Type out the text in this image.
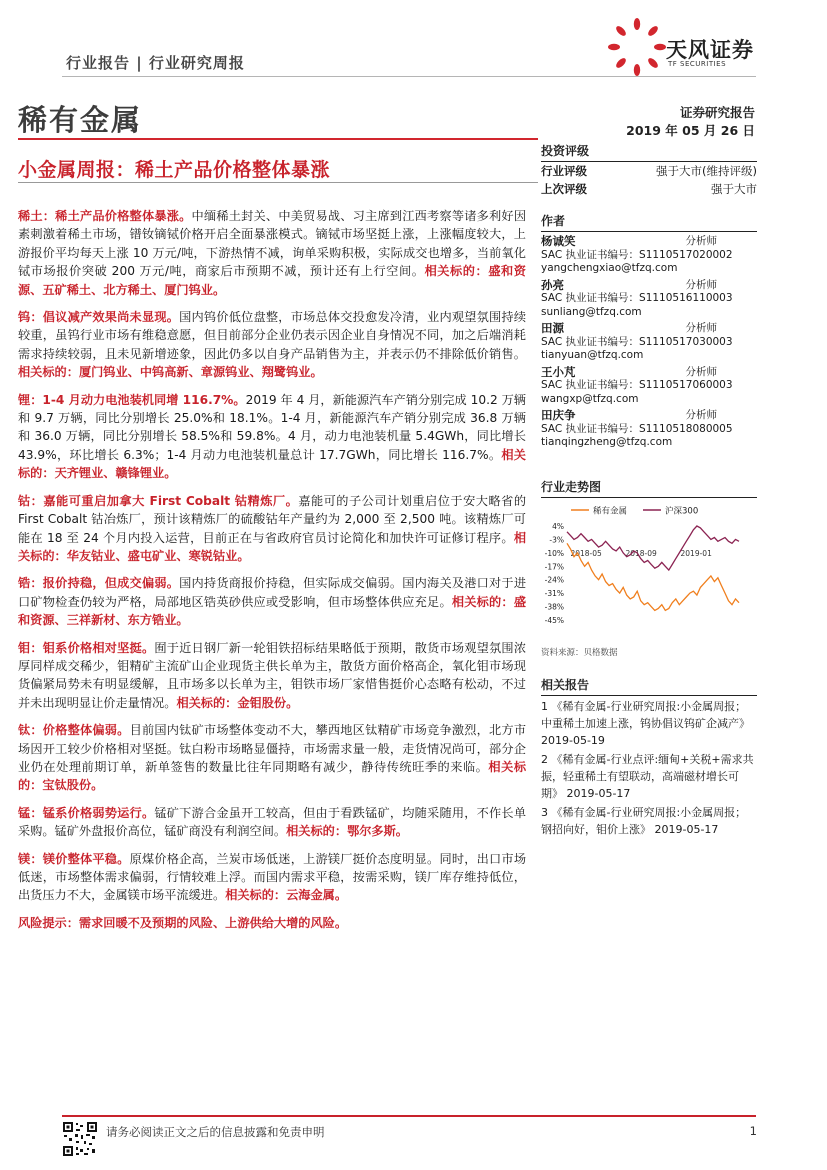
行业报告 | 行业研究周报
天风证券
TF SECURITIES
稀有金属	证券研究报告
2019 年 05 月 26 日
小金属周报：稀土产品价格整体暴涨

稀土：稀土产品价格整体暴涨。中缅稀土封关、中美贸易战、习主席到江西考察等诸多利好因素刺激着稀土市场，镨钕镝铽价格开启全面暴涨模式。镝铽市场坚挺上涨，上涨幅度较大，上游报价平均每天上涨 10 万元/吨，下游热情不减，询单采购积极，实际成交也增多，当前氧化铽市场报价突破 200 万元/吨，商家后市预期不减，预计还有上行空间。相关标的：盛和资源、五矿稀土、北方稀土、厦门钨业。

钨：倡议减产效果尚未显现。国内钨价低位盘整，市场总体交投愈发冷清，业内观望氛围持续较重，虽钨行业市场有维稳意愿，但目前部分企业仍表示因企业自身情况不同，加之后端消耗需求持续较弱，且未见新增迹象，因此仍多以自身产品销售为主，并表示仍不排除低价销售。相关标的：厦门钨业、中钨高新、章源钨业、翔鹭钨业。

锂：1-4 月动力电池装机同增 116.7%。2019 年 4 月，新能源汽车产销分别完成 10.2 万辆和 9.7 万辆，同比分别增长 25.0%和 18.1%。1-4 月，新能源汽车产销分别完成 36.8 万辆和 36.0 万辆，同比分别增长 58.5%和 59.8%。4 月，动力电池装机量 5.4GWh，同比增长 43.9%，环比增长 6.3%；1-4 月动力电池装机量总计 17.7GWh，同比增长 116.7%。相关标的：天齐锂业、赣锋锂业。

钴：嘉能可重启加拿大 First Cobalt 钴精炼厂。嘉能可的子公司计划重启位于安大略省的 First Cobalt 钴冶炼厂，预计该精炼厂的硫酸钴年产量约为 2,000 至 2,500 吨。该精炼厂可能在 18 至 24 个月内投入运营，目前正在与省政府官员讨论简化和加快许可证修订程序。相关标的：华友钴业、盛屯矿业、寒锐钴业。

锆：报价持稳，但成交偏弱。国内持货商报价持稳，但实际成交偏弱。国内海关及港口对于进口矿物检查仍较为严格，局部地区锆英砂供应或受影响，但市场整体供应充足。相关标的：盛和资源、三祥新材、东方锆业。

钼：钼系价格相对坚挺。囿于近日钢厂新一轮钼铁招标结果略低于预期，散货市场观望氛围浓厚同样成交稀少，钼精矿主流矿山企业现货主供长单为主，散货方面价格高企，氧化钼市场现货偏紧局势未有明显缓解，且市场多以长单为主，钼铁市场厂家惜售挺价心态略有松动，不过并未出现明显让价走量情况。相关标的：金钼股份。

钛：价格整体偏弱。目前国内钛矿市场整体变动不大，攀西地区钛精矿市场竞争激烈，北方市场因开工较少价格相对坚挺。钛白粉市场略显僵持，市场需求量一般，走货情况尚可，部分企业仍在处理前期订单，新单签售的数量比往年同期略有减少，静待传统旺季的来临。相关标的：宝钛股份。

锰：锰系价格弱势运行。锰矿下游合金虽开工较高，但由于看跌锰矿，均随采随用，不作长单采购。锰矿外盘报价高位，锰矿商没有利润空间。相关标的：鄂尔多斯。

镁：镁价整体平稳。原煤价格企高，兰炭市场低迷，上游镁厂挺价态度明显。同时，出口市场低迷，市场整体需求偏弱，行情较难上浮。而国内需求平稳，按需采购，镁厂库存维持低位，出货压力不大，金属镁市场平流缓进。相关标的：云海金属。

风险提示：需求回暖不及预期的风险、上游供给大增的风险。

投资评级
行业评级	强于大市(维持评级)
上次评级	强于大市
作者
杨诚笑	分析师
SAC 执业证书编号：S1110517020002
yangchengxiao@tfzq.com
孙亮	分析师
SAC 执业证书编号：S1110516110003
sunliang@tfzq.com
田源	分析师
SAC 执业证书编号：S1110517030003
tianyuan@tfzq.com
王小芃	分析师
SAC 执业证书编号：S1110517060003
wangxp@tfzq.com
田庆争	分析师
SAC 执业证书编号：S1110518080005
tianqingzheng@tfzq.com
行业走势图
稀有金属	沪深300
4%
-3%
-10%
-17%
-24%
-31%
-38%
-45%
2018-05	2018-09	2019-01
资料来源：贝格数据
相关报告
1 《稀有金属-行业研究周报:小金属周报；中重稀土加速上涨，钨协倡议钨矿企减产》 2019-05-19
2 《稀有金属-行业点评:缅甸+关税+需求共振，轻重稀土有望联动，高端磁材增长可期》 2019-05-17
3 《稀有金属-行业研究周报:小金属周报；钢招向好，钼价上涨》 2019-05-17
请务必阅读正文之后的信息披露和免责申明	1
